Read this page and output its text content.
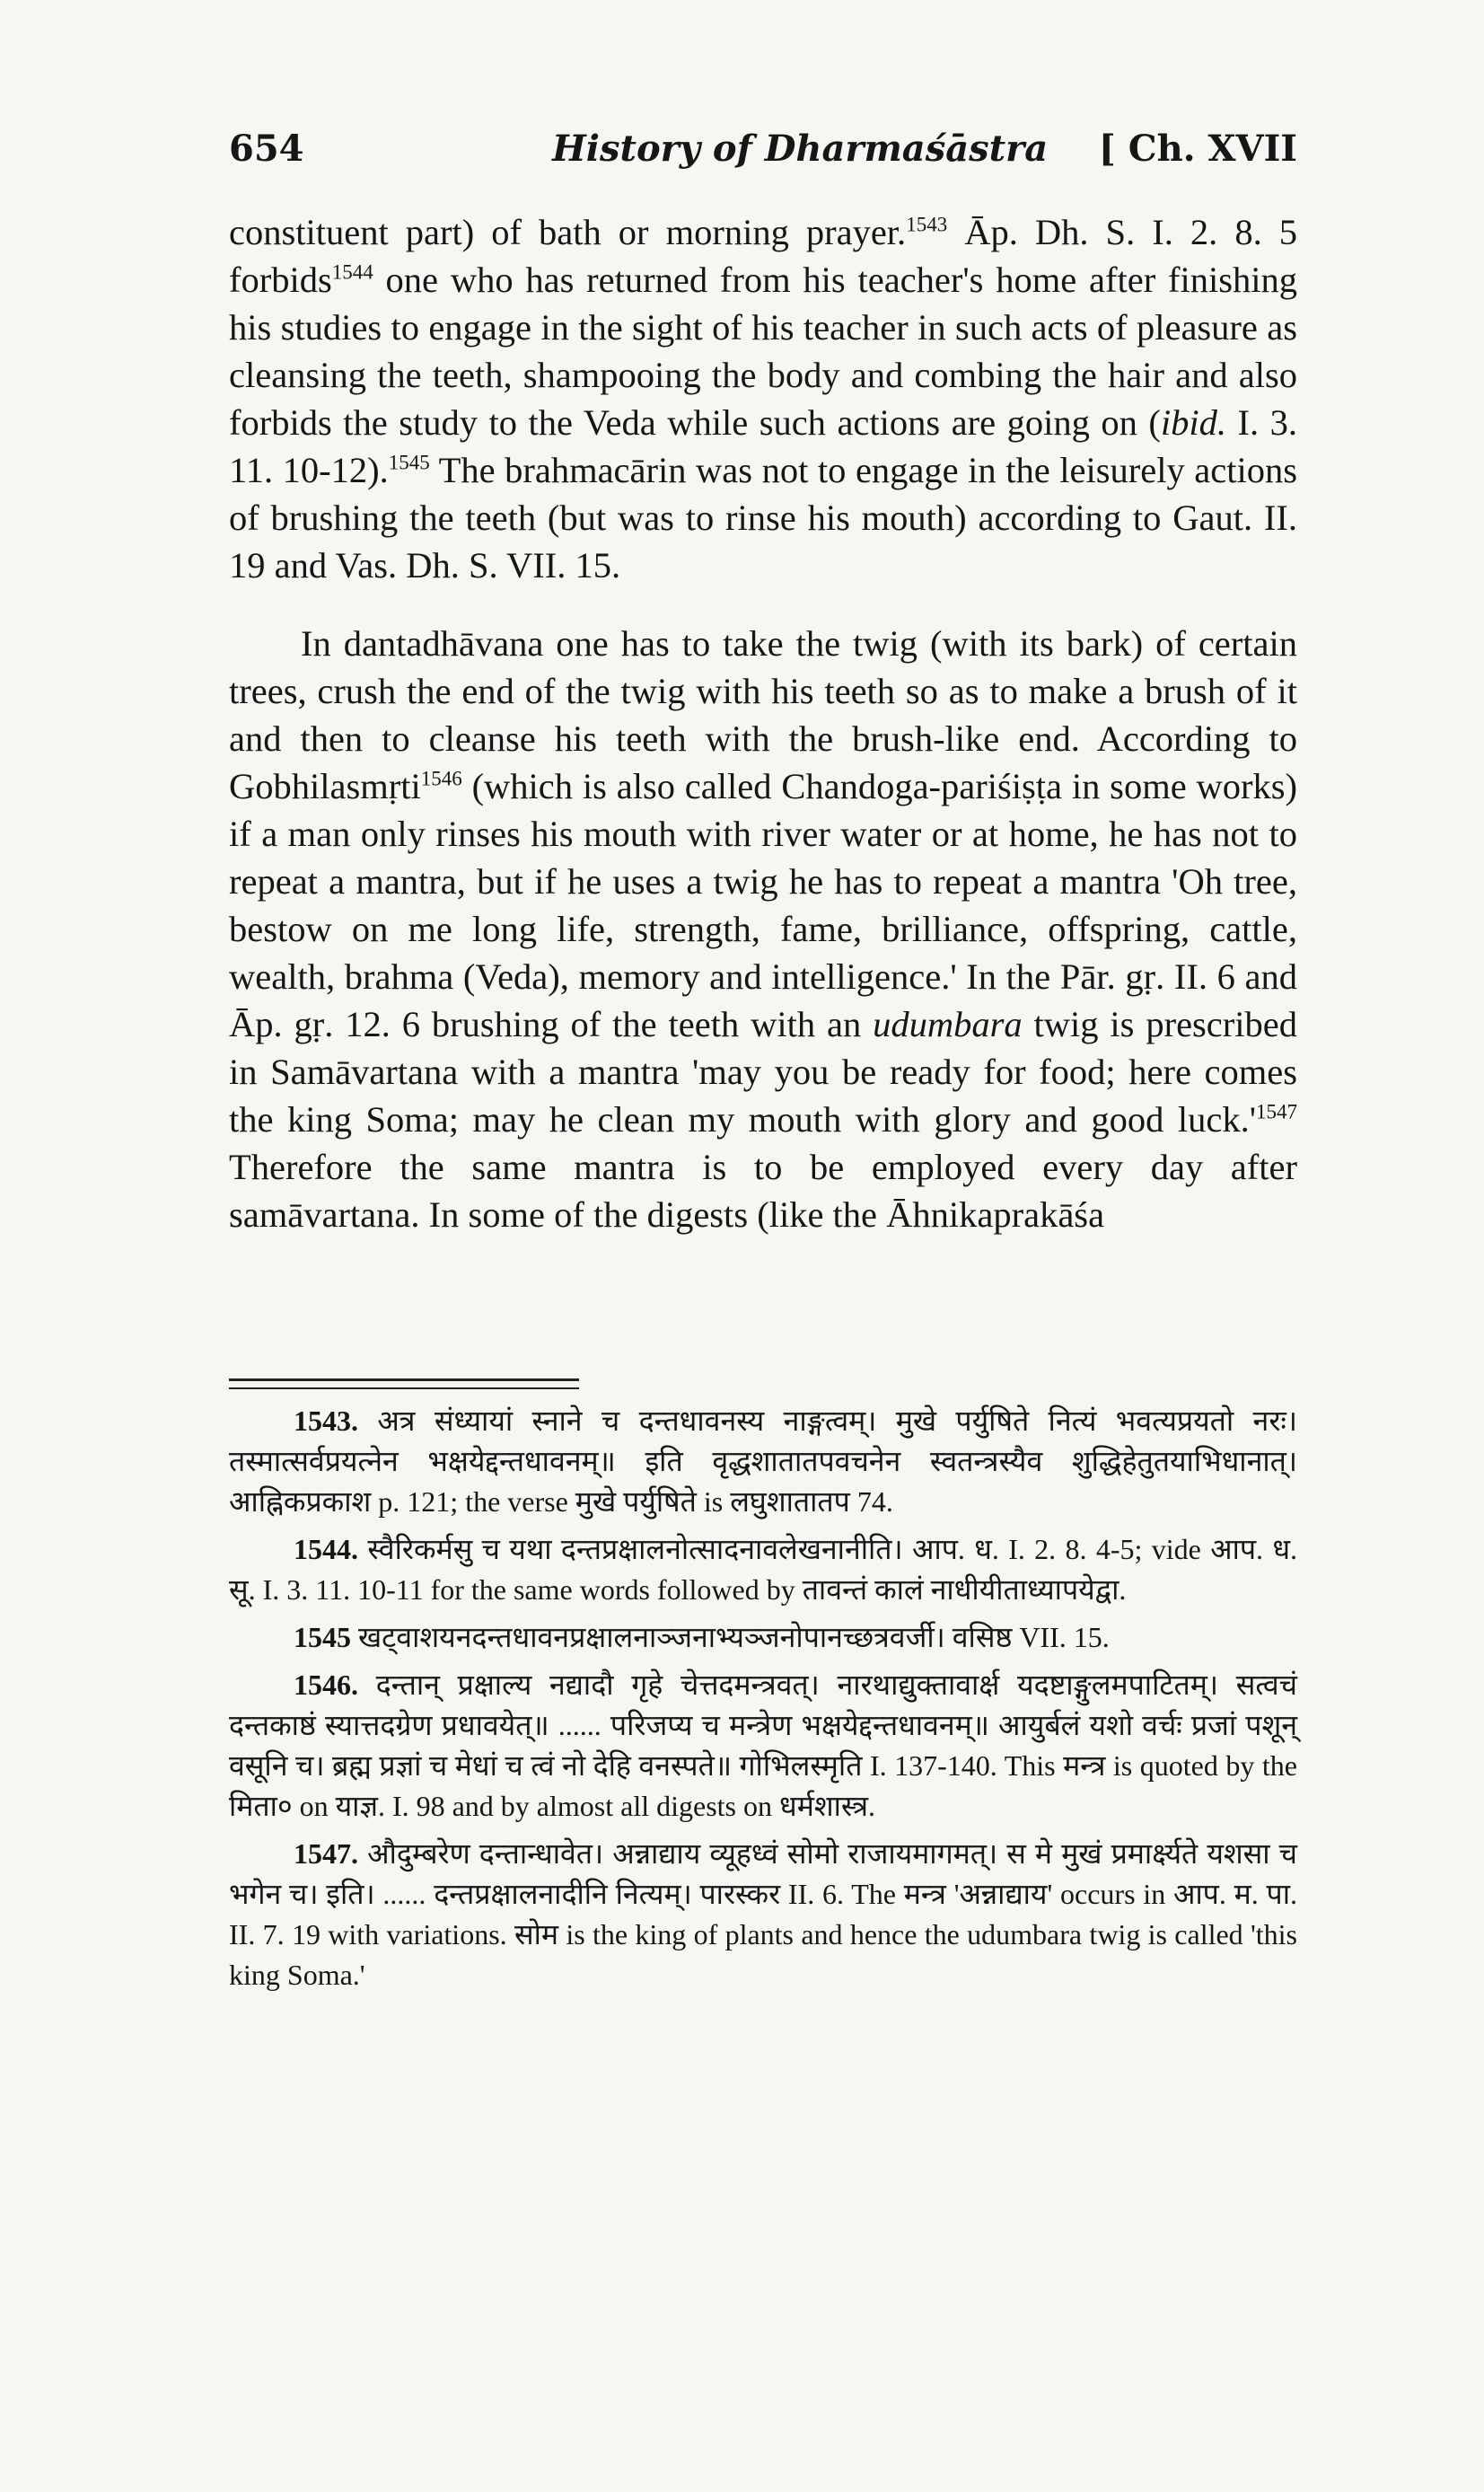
654	History of Dharmaśāstra [ Ch. XVII

constituent part) of bath or morning prayer.$^{1543}$ Āp. Dh. S. I. 2. 8. 5 forbids$^{1544}$ one who has returned from his teacher's home after finishing his studies to engage in the sight of his teacher in such acts of pleasure as cleansing the teeth, shampooing the body and combing the hair and also forbids the study to the Veda while such actions are going on (ibid. I. 3. 11. 10-12).$^{1545}$ The brahmacārin was not to engage in the leisurely actions of brushing the teeth (but was to rinse his mouth) according to Gaut. II. 19 and Vas. Dh. S. VII. 15.

In dantadhāvana one has to take the twig (with its bark) of certain trees, crush the end of the twig with his teeth so as to make a brush of it and then to cleanse his teeth with the brush-like end. According to Gobhilasmṛti$^{1546}$ (which is also called Chandoga-pariśiṣṭa in some works) if a man only rinses his mouth with river water or at home, he has not to repeat a mantra, but if he uses a twig he has to repeat a mantra 'Oh tree, bestow on me long life, strength, fame, brilliance, offspring, cattle, wealth, brahma (Veda), memory and intelligence.' In the Pār. gṛ. II. 6 and Āp. gṛ. 12. 6 brushing of the teeth with an udumbara twig is prescribed in Samāvartana with a mantra 'may you be ready for food; here comes the king Soma; may he clean my mouth with glory and good $luck.'^{1547}$ Therefore the same mantra is to be employed every day after samāvartana. In some of the digests (like the Āhnikaprakāśa

1543. अत्र संध्यायां स्नाने च दन्तधावनस्य नाङ्गत्वम्। मुखे पर्युषिते नित्यं भवत्यप्रयतो नरः। तस्मात्सर्वप्रयत्नेन भक्षयेद्दन्तधावनम्॥ इति वृद्धशातातपवचनेन स्वतन्त्रस्यैव शुद्धिहेतुतयाभिधानात्। आह्निकप्रकाश p. 121; the verse मुखे पर्युषिते is लघुशातातप 74.

1544. स्वैरिकर्मसु च यथा दन्तप्रक्षालनोत्सादनावलेखनानीति। आप. ध. I. 2. 8. 4-5; vide आप. ध. सू. I. 3. 11. 10-11 for the same words followed by तावन्तं कालं नाधीयीताध्यापयेद्वा.

1545 खट्वाशयनदन्तधावनप्रक्षालनाञ्जनाभ्यञ्जनोपानच्छत्रवर्जी। वसिष्ठ VII. 15.

1546. दन्तान् प्रक्षाल्य नद्यादौ गृहे चेत्तदमन्त्रवत्। नारथाद्युक्तावार्क्ष यदष्टाङ्गुलमपाटितम्। सत्वचं दन्तकाष्ठं स्यात्तदग्रेण प्रधावयेत्॥ ...... परिजप्य च मन्त्रेण भक्षयेद्दन्तधावनम्॥ आयुर्बलं यशो वर्चः प्रजां पशून् वसूनि च। ब्रह्म प्रज्ञां च मेधां च त्वं नो देहि वनस्पते॥ गोभिलस्मृति I. 137-140. This मन्त्र is quoted by the मिता० on याज्ञ. I. 98 and by almost all digests on धर्मशास्त्र.

1547. औदुम्बरेण दन्तान्धावेत। अन्नाद्याय व्यूहध्वं सोमो राजायमागमत्। स मे मुखं प्रमार्क्ष्यते यशसा च भगेन च। इति। ...... दन्तप्रक्षालनादीनि नित्यम्। पारस्कर II. 6. The मन्त्र 'अन्नाद्याय' occurs in आप. म. पा. II. 7. 19 with variations. सोम is the king of plants and hence the udumbara twig is called 'this king Soma.'
